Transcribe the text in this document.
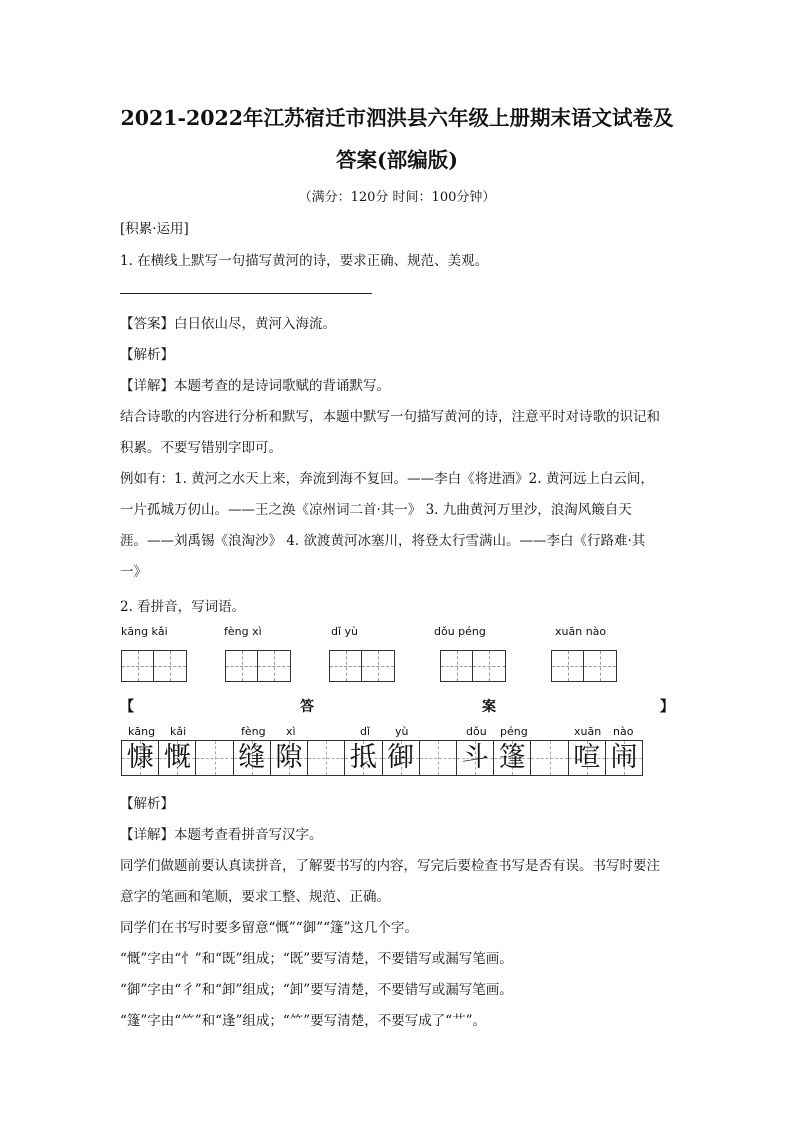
2021-2022年江苏宿迁市泗洪县六年级上册期末语文试卷及
答案(部编版)
（满分：120分 时间：100分钟）
[积累·运用]
1. 在横线上默写一句描写黄河的诗，要求正确、规范、美观。
【答案】白日依山尽，黄河入海流。
【解析】
【详解】本题考查的是诗词歌赋的背诵默写。
结合诗歌的内容进行分析和默写，本题中默写一句描写黄河的诗，注意平时对诗歌的识记和
积累。不要写错别字即可。
例如有：1. 黄河之水天上来，奔流到海不复回。——李白《将进酒》2. 黄河远上白云间，
一片孤城万仞山。——王之涣《凉州词二首·其一》 3. 九曲黄河万里沙，浪淘风簸自天
涯。——刘禹锡《浪淘沙》 4. 欲渡黄河冰塞川，将登太行雪满山。——李白《行路难·其
一》
2. 看拼音，写词语。
kāng kǎi	fèng xì	dǐ yù	dǒu péng	xuān nào
【	答	案	】
kāng kǎi	fèng xì	dǐ yù	dǒu péng	xuān nào
慷 慨 缝 隙 抵 御 斗 篷 喧 闹
【解析】
【详解】本题考查看拼音写汉字。
同学们做题前要认真读拼音，了解要书写的内容，写完后要检查书写是否有误。书写时要注
意字的笔画和笔顺，要求工整、规范、正确。
同学们在书写时要多留意“慨”“御”“篷”这几个字。
“慨”字由“忄”和“既”组成；“既”要写清楚，不要错写或漏写笔画。
“御”字由“彳”和“卸”组成；“卸”要写清楚，不要错写或漏写笔画。
“篷”字由“⺮”和“逢”组成；“⺮”要写清楚，不要写成了“艹”。
